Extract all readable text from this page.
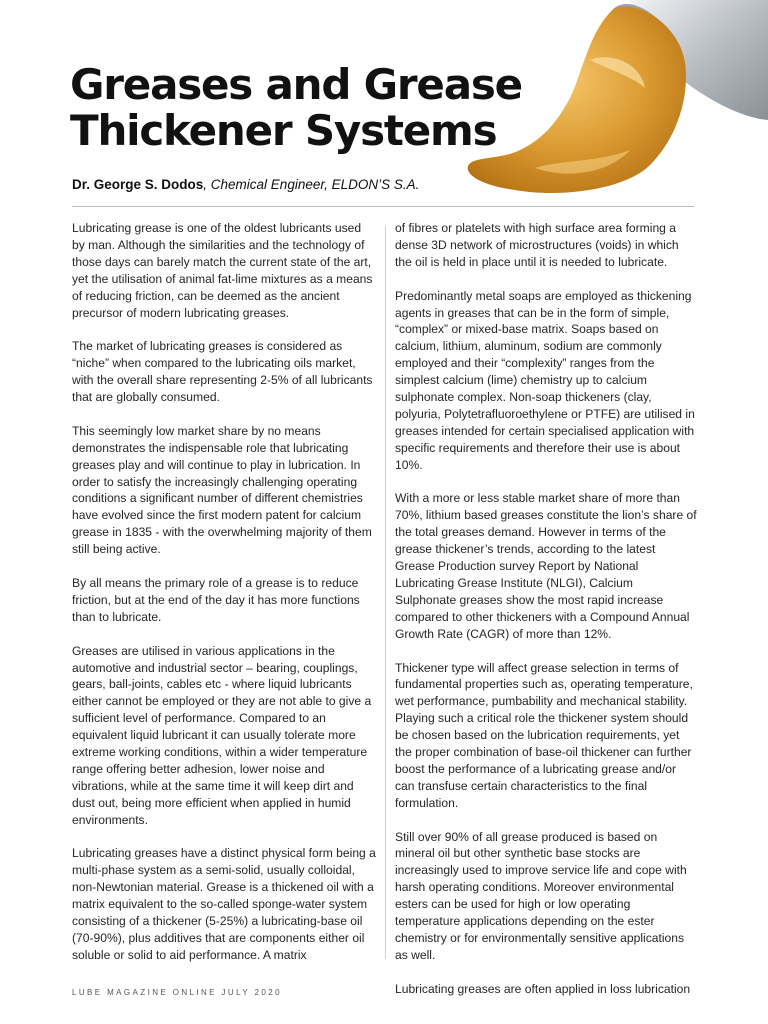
Greases and Grease
Thickener Systems
Dr. George S. Dodos, Chemical Engineer, ELDON’S S.A.

Lubricating grease is one of the oldest lubricants used by man. Although the similarities and the technology of those days can barely match the current state of the art, yet the utilisation of animal fat-lime mixtures as a means of reducing friction, can be deemed as the ancient precursor of modern lubricating greases.

The market of lubricating greases is considered as “niche” when compared to the lubricating oils market, with the overall share representing 2-5% of all lubricants that are globally consumed.

This seemingly low market share by no means demonstrates the indispensable role that lubricating greases play and will continue to play in lubrication. In order to satisfy the increasingly challenging operating conditions a significant number of different chemistries have evolved since the first modern patent for calcium grease in 1835 - with the overwhelming majority of them still being active.

By all means the primary role of a grease is to reduce friction, but at the end of the day it has more functions than to lubricate.

Greases are utilised in various applications in the automotive and industrial sector – bearing, couplings, gears, ball-joints, cables etc - where liquid lubricants either cannot be employed or they are not able to give a sufficient level of performance. Compared to an equivalent liquid lubricant it can usually tolerate more extreme working conditions, within a wider temperature range offering better adhesion, lower noise and vibrations, while at the same time it will keep dirt and dust out, being more efficient when applied in humid environments.

Lubricating greases have a distinct physical form being a multi-phase system as a semi-solid, usually colloidal, non-Newtonian material. Grease is a thickened oil with a matrix equivalent to the so-called sponge-water system consisting of a thickener (5-25%) a lubricating-base oil (70-90%), plus additives that are components either oil soluble or solid to aid performance. A matrix

of fibres or platelets with high surface area forming a dense 3D network of microstructures (voids) in which the oil is held in place until it is needed to lubricate.

Predominantly metal soaps are employed as thickening agents in greases that can be in the form of simple, “complex” or mixed-base matrix. Soaps based on calcium, lithium, aluminum, sodium are commonly employed and their “complexity” ranges from the simplest calcium (lime) chemistry up to calcium sulphonate complex. Non-soap thickeners (clay, polyuria, Polytetrafluoroethylene or PTFE) are utilised in greases intended for certain specialised application with specific requirements and therefore their use is about 10%.

With a more or less stable market share of more than 70%, lithium based greases constitute the lion’s share of the total greases demand. However in terms of the grease thickener’s trends, according to the latest Grease Production survey Report by National Lubricating Grease Institute (NLGI), Calcium Sulphonate greases show the most rapid increase compared to other thickeners with a Compound Annual Growth Rate (CAGR) of more than 12%.

Thickener type will affect grease selection in terms of fundamental properties such as, operating temperature, wet performance, pumbability and mechanical stability. Playing such a critical role the thickener system should be chosen based on the lubrication requirements, yet the proper combination of base-oil thickener can further boost the performance of a lubricating grease and/or can transfuse certain characteristics to the final formulation.

Still over 90% of all grease produced is based on mineral oil but other synthetic base stocks are increasingly used to improve service life and cope with harsh operating conditions. Moreover environmental esters can be used for high or low operating temperature applications depending on the ester chemistry or for environmentally sensitive applications as well.

Lubricating greases are often applied in loss lubrication

LUBE MAGAZINE ONLINE JULY 2020
